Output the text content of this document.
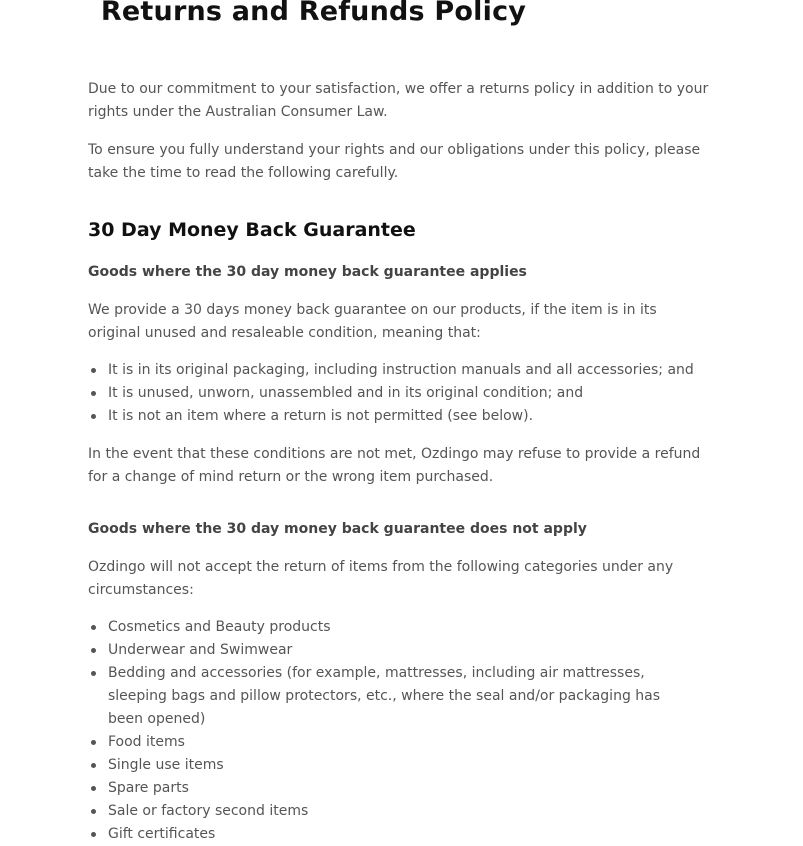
Returns and Refunds Policy

Due to our commitment to your satisfaction, we offer a returns policy in addition to your rights under the Australian Consumer Law.

To ensure you fully understand your rights and our obligations under this policy, please take the time to read the following carefully.

30 Day Money Back Guarantee
Goods where the 30 day money back guarantee applies

We provide a 30 days money back guarantee on our products, if the item is in its original unused and resaleable condition, meaning that:

It is in its original packaging, including instruction manuals and all accessories; and
It is unused, unworn, unassembled and in its original condition; and
It is not an item where a return is not permitted (see below).

In the event that these conditions are not met, Ozdingo may refuse to provide a refund for a change of mind return or the wrong item purchased.

Goods where the 30 day money back guarantee does not apply

Ozdingo will not accept the return of items from the following categories under any circumstances:

Cosmetics and Beauty products
Underwear and Swimwear
Bedding and accessories (for example, mattresses, including air mattresses, sleeping bags and pillow protectors, etc., where the seal and/or packaging has been opened)
Food items
Single use items
Spare parts
Sale or factory second items
Gift certificates
